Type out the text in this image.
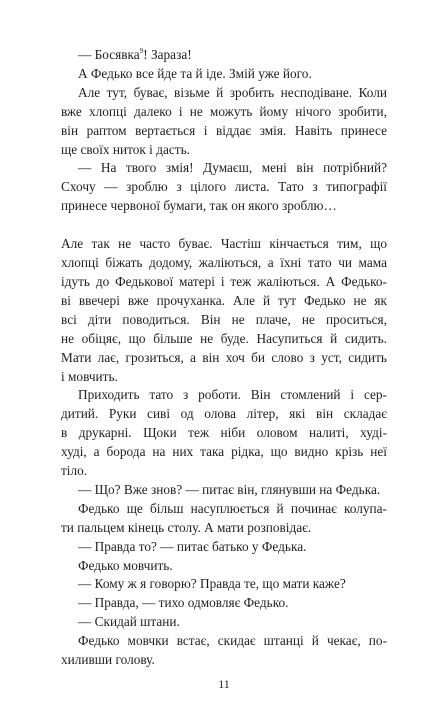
— Босявка$^9$! Зараза!

А Федько все йде та й іде. Змій уже його.

Але тут, буває, візьме й зробить несподіване. Коли
вже хлопці далеко і не можуть йому нічого зробити,
він раптом вертається і віддає змія. Навіть принесе
ще своїх ниток і дасть.

— На твого змія! Думаєш, мені він потрібний?
Схочу — зроблю з цілого листа. Тато з типографії
принесе червоної бумаги, так он якого зроблю…

Але так не часто буває. Частіш кінчається тим, що
хлопці біжать додому, жаліються, а їхні тато чи мама
ідуть до Федькової матері і теж жаліються. А Федько-
ві ввечері вже прочуханка. Але й тут Федько не як
всі діти поводиться. Він не плаче, не проситься,
не обіцяє, що більше не буде. Насупиться й сидить.
Мати лає, грозиться, а він хоч би слово з уст, сидить
і мовчить.

Приходить тато з роботи. Він стомлений і сер-
дитий. Руки сиві од олова літер, які він складає
в друкарні. Щоки теж ніби оловом налиті, худі-
худі, а борода на них така рідка, що видно крізь неї
тіло.

— Що? Вже знов? — питає він, глянувши на Федька.

Федько ще більш насуплюється й починає колупа-
ти пальцем кінець столу. А мати розповідає.

— Правда то? — питає батько у Федька.

Федько мовчить.

— Кому ж я говорю? Правда те, що мати каже?

— Правда, — тихо одмовляє Федько.

— Скидай штани.

Федько мовчки встає, скидає штанці й чекає, по-
хиливши голову.

11
